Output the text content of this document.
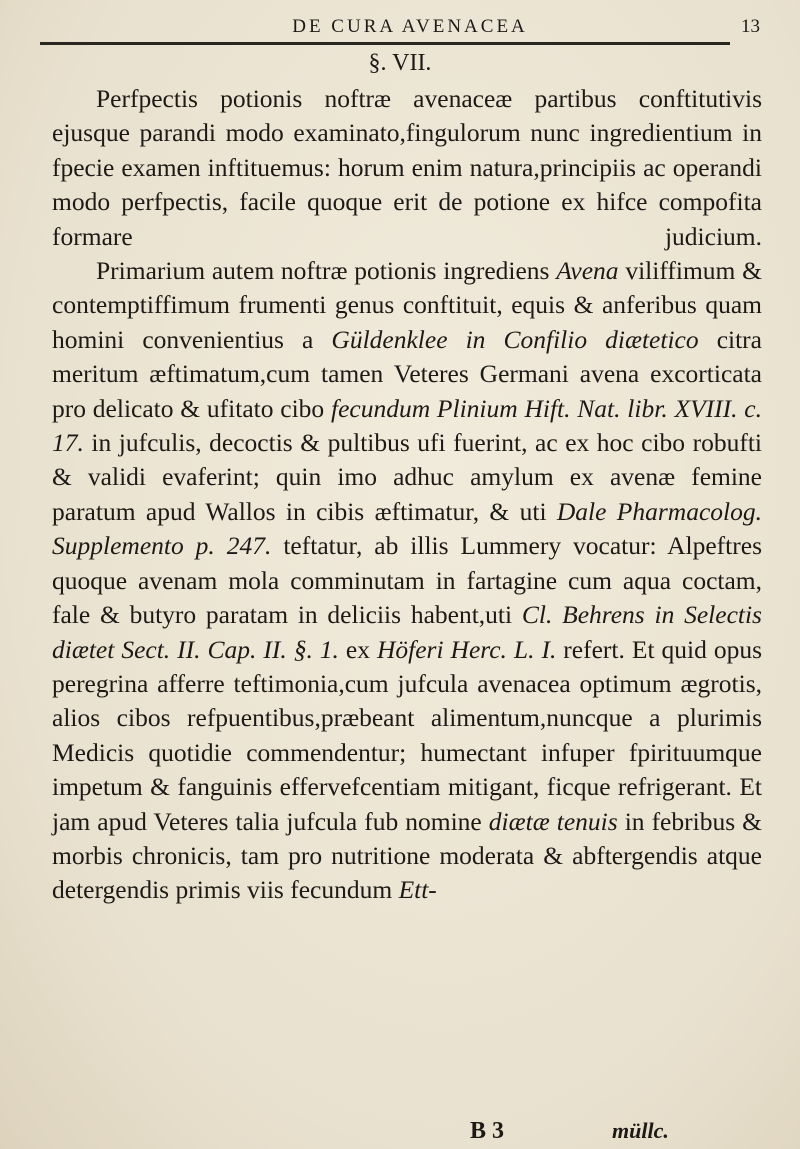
DE CURA AVENACEA	13
§. VII.

Perfpectis potionis noftræ avenaceæ partibus conftitutivis ejusque parandi modo examinato,fingulorum nunc ingredientium in fpecie examen inftituemus: horum enim natura,principiis ac operandi modo perfpectis, facile quoque erit de potione ex hifce compofita formare judicium.

Primarium autem noftræ potionis ingrediens Avena viliffimum & contemptiffimum frumenti genus conftituit, equis & anferibus quam homini convenientius a Güldenklee in Confilio diætetico citra meritum æftimatum,cum tamen Veteres Germani avena excorticata pro delicato & ufitato cibo fecundum Plinium Hift. Nat. libr. XVIII. c. 17. in jufculis, decoctis & pultibus ufi fuerint, ac ex hoc cibo robufti & validi evaferint; quin imo adhuc amylum ex avenæ femine paratum apud Wallos in cibis æftimatur, & uti Dale Pharmacolog. Supplemento p. 247. teftatur, ab illis Lummery vocatur: Alpeftres quoque avenam mola comminutam in fartagine cum aqua coctam, fale & butyro paratam in deliciis habent,uti Cl. Behrens in Selectis diætet Sect. II. Cap. II. §. 1. ex Höferi Herc. L. I. refert. Et quid opus peregrina afferre teftimonia,cum jufcula avenacea optimum ægrotis, alios cibos refpuentibus,præbeant alimentum,nuncque a plurimis Medicis quotidie commendentur; humectant infuper fpirituumque impetum & fanguinis effervefcentiam mitigant, ficque refrigerant. Et jam apud Veteres talia jufcula fub nomine diætæ tenuis in febribus & morbis chronicis, tam pro nutritione moderata & abftergendis atque detergendis primis viis fecundum Ett-

B 3	müllc.
